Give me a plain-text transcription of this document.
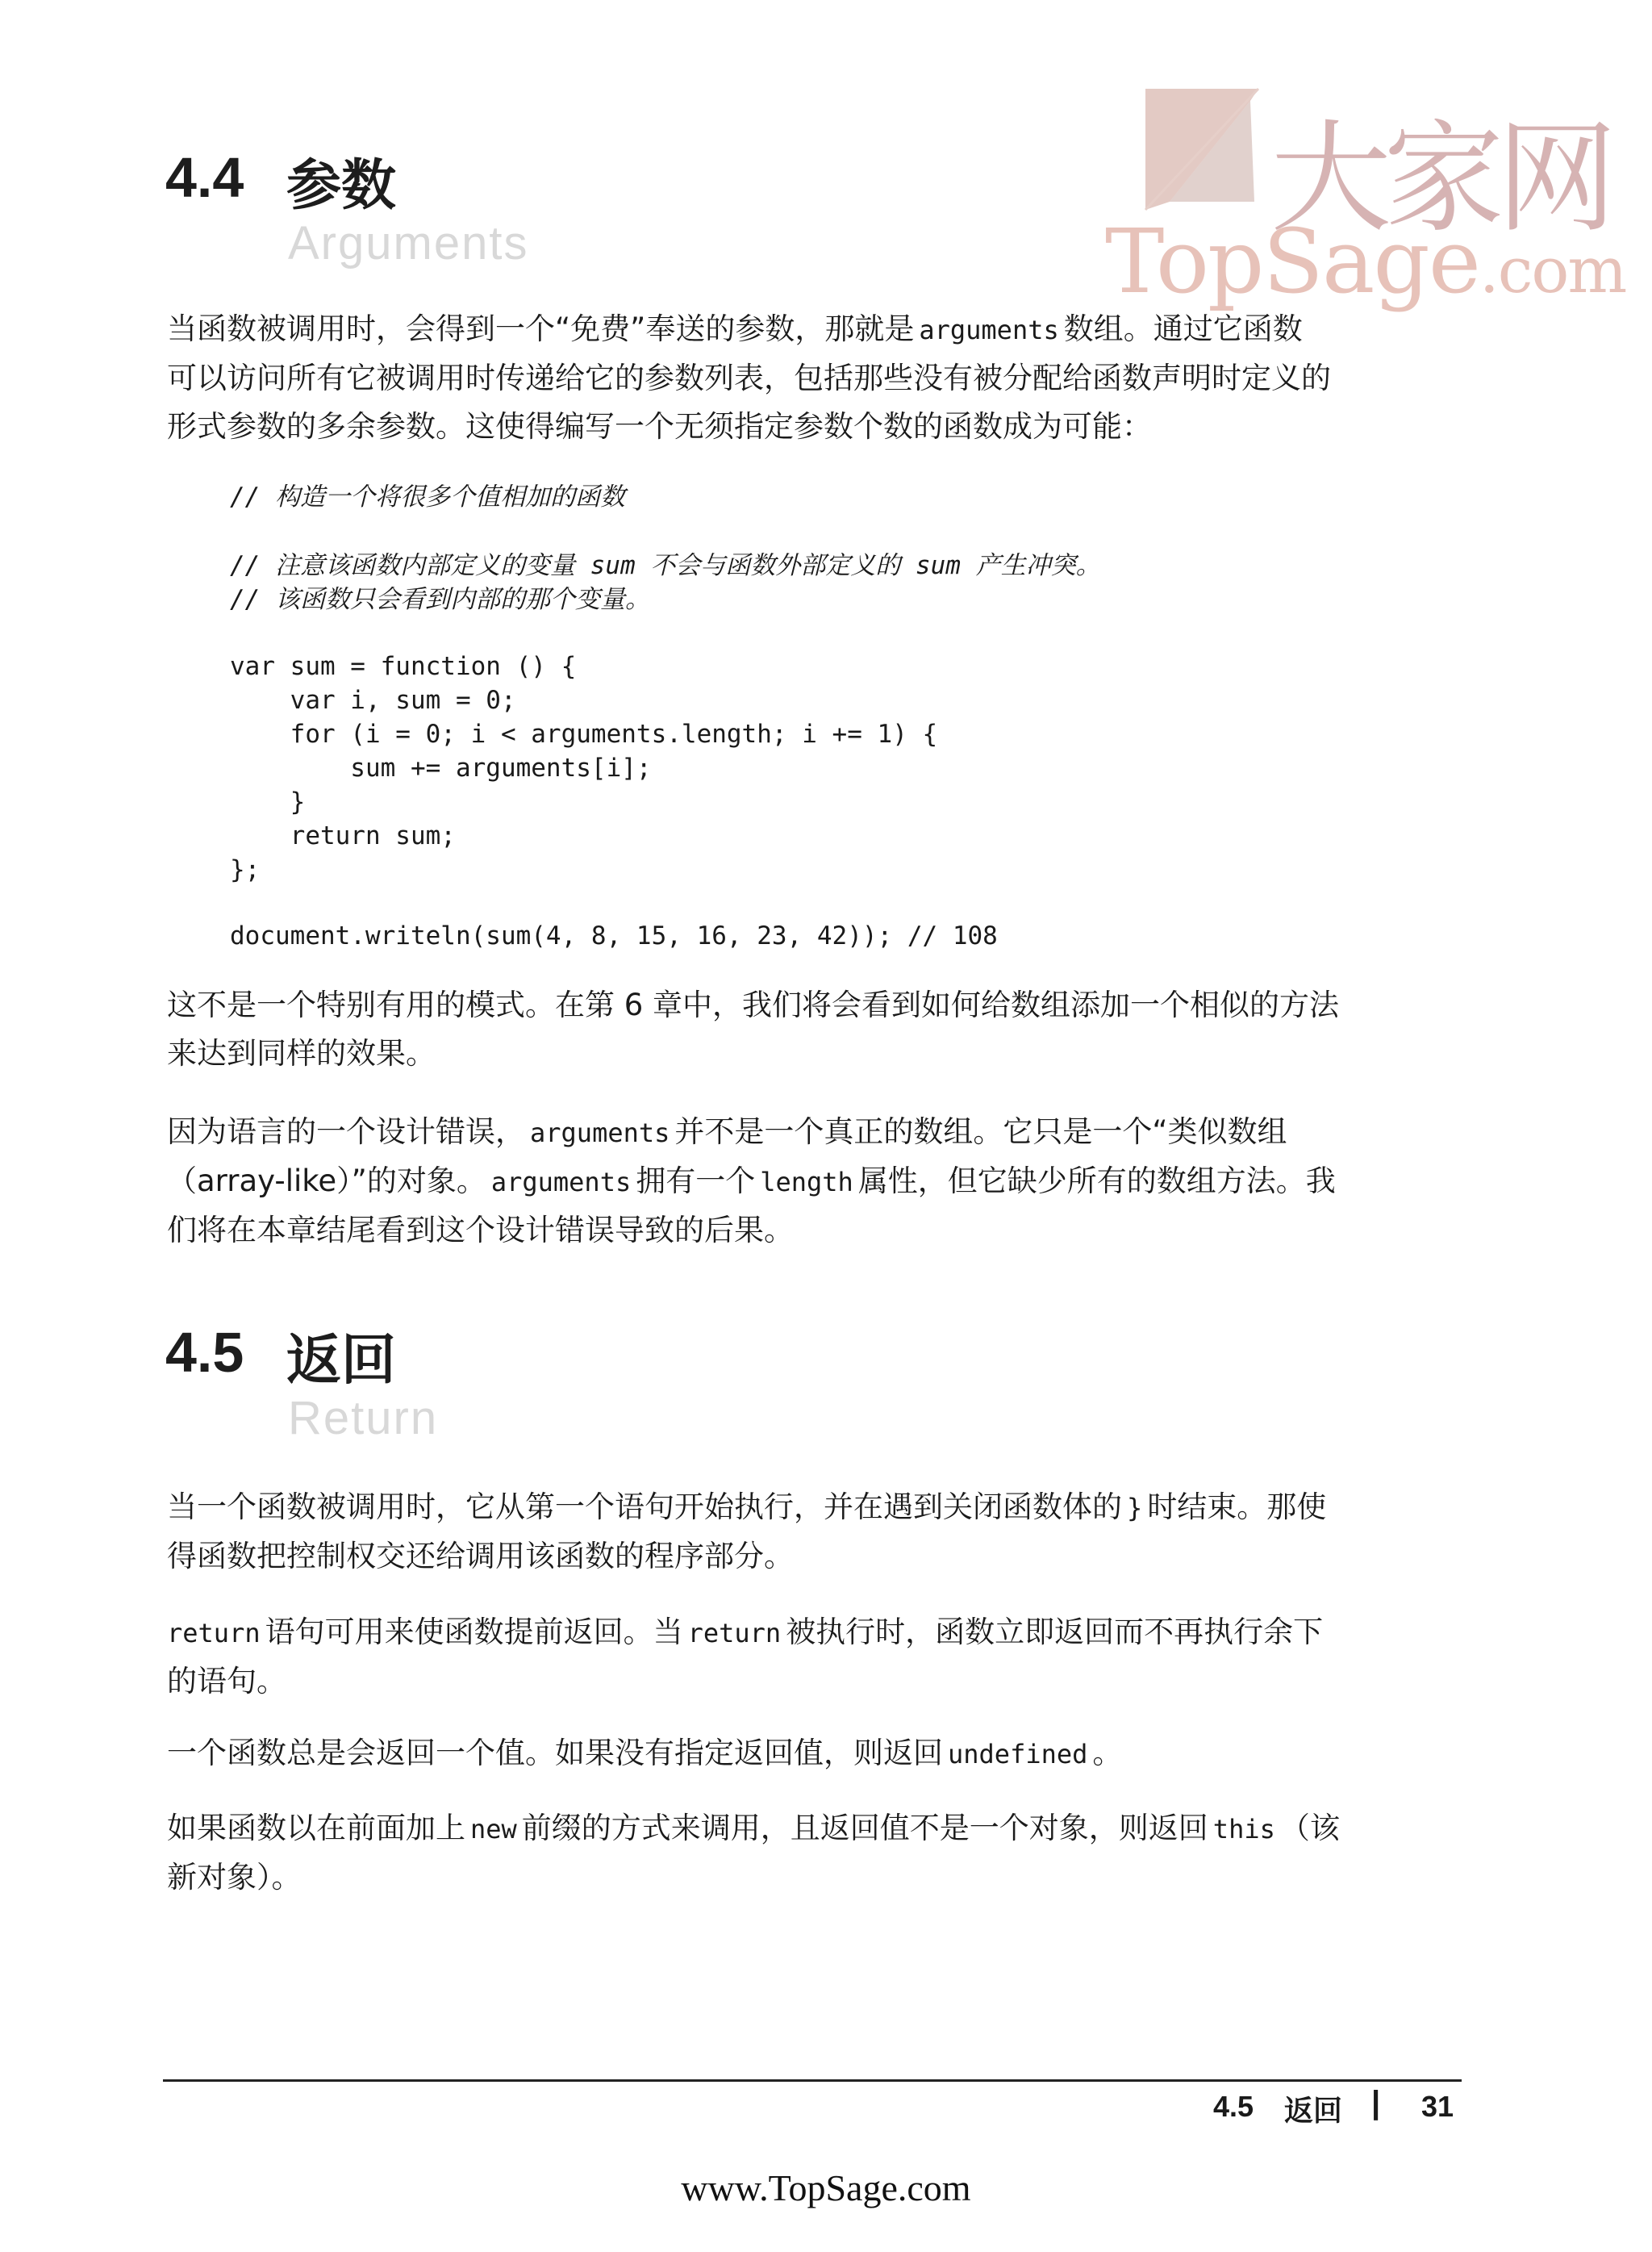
大家网
TopSage.com
4.4 参数
Arguments
当函数被调用时，会得到一个“免费”奉送的参数，那就是 arguments 数组。通过它函数
可以访问所有它被调用时传递给它的参数列表，包括那些没有被分配给函数声明时定义的
形式参数的多余参数。这使得编写一个无须指定参数个数的函数成为可能：
// 构造一个将很多个值相加的函数
// 注意该函数内部定义的变量 sum 不会与函数外部定义的 sum 产生冲突。
// 该函数只会看到内部的那个变量。
var sum = function () {
var i, sum = 0;
for (i = 0; i < arguments.length; i += 1) {
sum += arguments[i];
}
return sum;
};
document.writeln(sum(4, 8, 15, 16, 23, 42)); // 108
这不是一个特别有用的模式。在第 6 章中，我们将会看到如何给数组添加一个相似的方法
来达到同样的效果。
因为语言的一个设计错误， arguments 并不是一个真正的数组。它只是一个“类似数组
（array-like）”的对象。 arguments 拥有一个 length 属性，但它缺少所有的数组方法。我
们将在本章结尾看到这个设计错误导致的后果。
4.5 返回
Return
当一个函数被调用时，它从第一个语句开始执行，并在遇到关闭函数体的 } 时结束。那使
得函数把控制权交还给调用该函数的程序部分。
return 语句可用来使函数提前返回。当 return 被执行时，函数立即返回而不再执行余下
的语句。
一个函数总是会返回一个值。如果没有指定返回值，则返回 undefined 。
如果函数以在前面加上 new 前缀的方式来调用，且返回值不是一个对象，则返回 this （该
新对象）。
4.5 返回 | 31
www.TopSage.com
